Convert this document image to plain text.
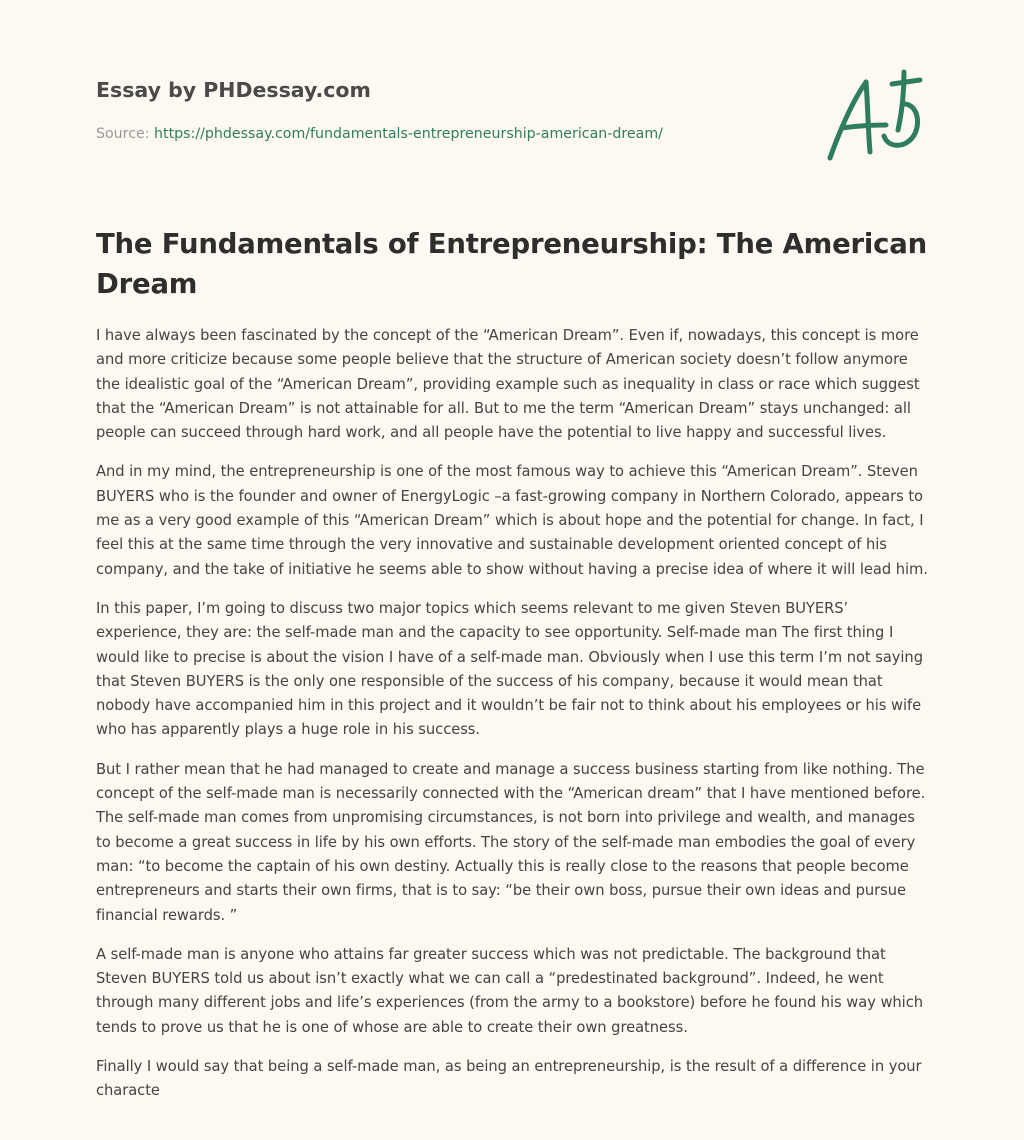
Essay by PHDessay.com
Source: https://phdessay.com/fundamentals-entrepreneurship-american-dream/
The Fundamentals of Entrepreneurship: The American Dream

I have always been fascinated by the concept of the “American Dream”. Even if, nowadays, this concept is more and more criticize because some people believe that the structure of American society doesn’t follow anymore the idealistic goal of the “American Dream”, providing example such as inequality in class or race which suggest that the “American Dream” is not attainable for all. But to me the term “American Dream” stays unchanged: all people can succeed through hard work, and all people have the potential to live happy and successful lives.

And in my mind, the entrepreneurship is one of the most famous way to achieve this “American Dream”. Steven BUYERS who is the founder and owner of EnergyLogic –a fast-growing company in Northern Colorado, appears to me as a very good example of this “American Dream” which is about hope and the potential for change. In fact, I feel this at the same time through the very innovative and sustainable development oriented concept of his company, and the take of initiative he seems able to show without having a precise idea of where it will lead him.

In this paper, I’m going to discuss two major topics which seems relevant to me given Steven BUYERS’ experience, they are: the self-made man and the capacity to see opportunity. Self-made man The first thing I would like to precise is about the vision I have of a self-made man. Obviously when I use this term I’m not saying that Steven BUYERS is the only one responsible of the success of his company, because it would mean that nobody have accompanied him in this project and it wouldn’t be fair not to think about his employees or his wife who has apparently plays a huge role in his success.

But I rather mean that he had managed to create and manage a success business starting from like nothing. The concept of the self-made man is necessarily connected with the “American dream” that I have mentioned before. The self-made man comes from unpromising circumstances, is not born into privilege and wealth, and manages to become a great success in life by his own efforts. The story of the self-made man embodies the goal of every man: “to become the captain of his own destiny. Actually this is really close to the reasons that people become entrepreneurs and starts their own firms, that is to say: “be their own boss, pursue their own ideas and pursue financial rewards. ”

A self-made man is anyone who attains far greater success which was not predictable. The background that Steven BUYERS told us about isn’t exactly what we can call a “predestinated background”. Indeed, he went through many different jobs and life’s experiences (from the army to a bookstore) before he found his way which tends to prove us that he is one of whose are able to create their own greatness.

Finally I would say that being a self-made man, as being an entrepreneurship, is the result of a difference in your characte
